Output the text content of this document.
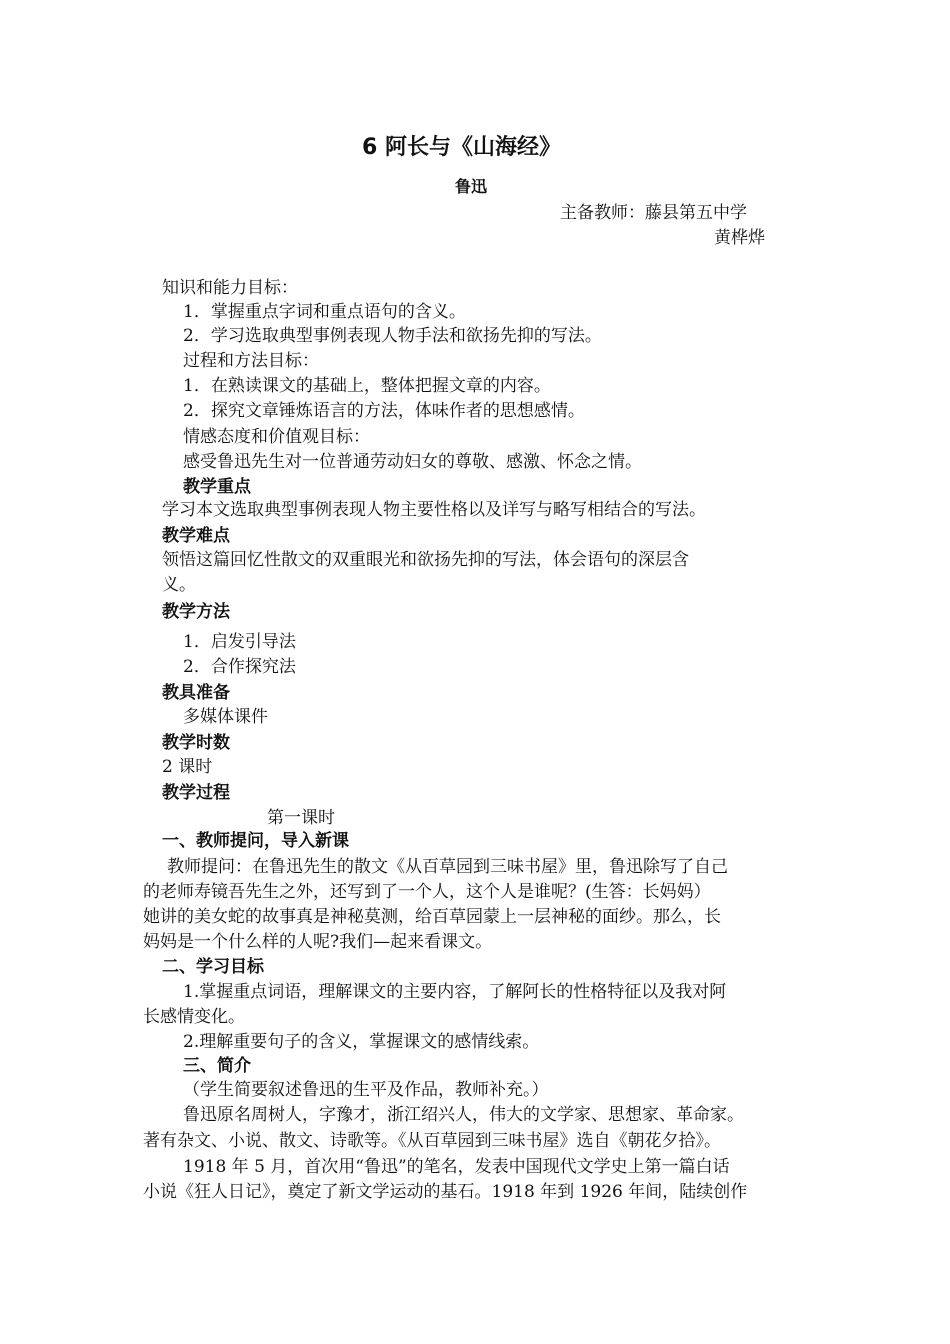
6 阿长与《山海经》
鲁迅
主备教师：藤县第五中学
黄桦烨
知识和能力目标：
1．掌握重点字词和重点语句的含义。
2．学习选取典型事例表现人物手法和欲扬先抑的写法。
过程和方法目标：
1．在熟读课文的基础上，整体把握文章的内容。
2．探究文章锤炼语言的方法，体味作者的思想感情。
情感态度和价值观目标：
感受鲁迅先生对一位普通劳动妇女的尊敬、感激、怀念之情。
教学重点
学习本文选取典型事例表现人物主要性格以及详写与略写相结合的写法。
教学难点
领悟这篇回忆性散文的双重眼光和欲扬先抑的写法，体会语句的深层含
义。
教学方法
1．启发引导法
2．合作探究法
教具准备
多媒体课件
教学时数
2 课时
教学过程
第一课时
一、教师提问，导入新课
教师提问：在鲁迅先生的散文《从百草园到三味书屋》里，鲁迅除写了自己
的老师寿镜吾先生之外，还写到了一个人，这个人是谁呢？(生答：长妈妈）
她讲的美女蛇的故事真是神秘莫测，给百草园蒙上一层神秘的面纱。那么，长
妈妈是一个什么样的人呢?我们—起来看课文。
二、学习目标
1.掌握重点词语，理解课文的主要内容，了解阿长的性格特征以及我对阿
长感情变化。
2.理解重要句子的含义，掌握课文的感情线索。
三、简介
（学生简要叙述鲁迅的生平及作品，教师补充。）
鲁迅原名周树人，字豫才，浙江绍兴人，伟大的文学家、思想家、革命家。
著有杂文、小说、散文、诗歌等。《从百草园到三味书屋》选自《朝花夕拾》。
1918 年 5 月，首次用“鲁迅”的笔名，发表中国现代文学史上第一篇白话
小说《狂人日记》，奠定了新文学运动的基石。1918 年到 1926 年间，陆续创作
